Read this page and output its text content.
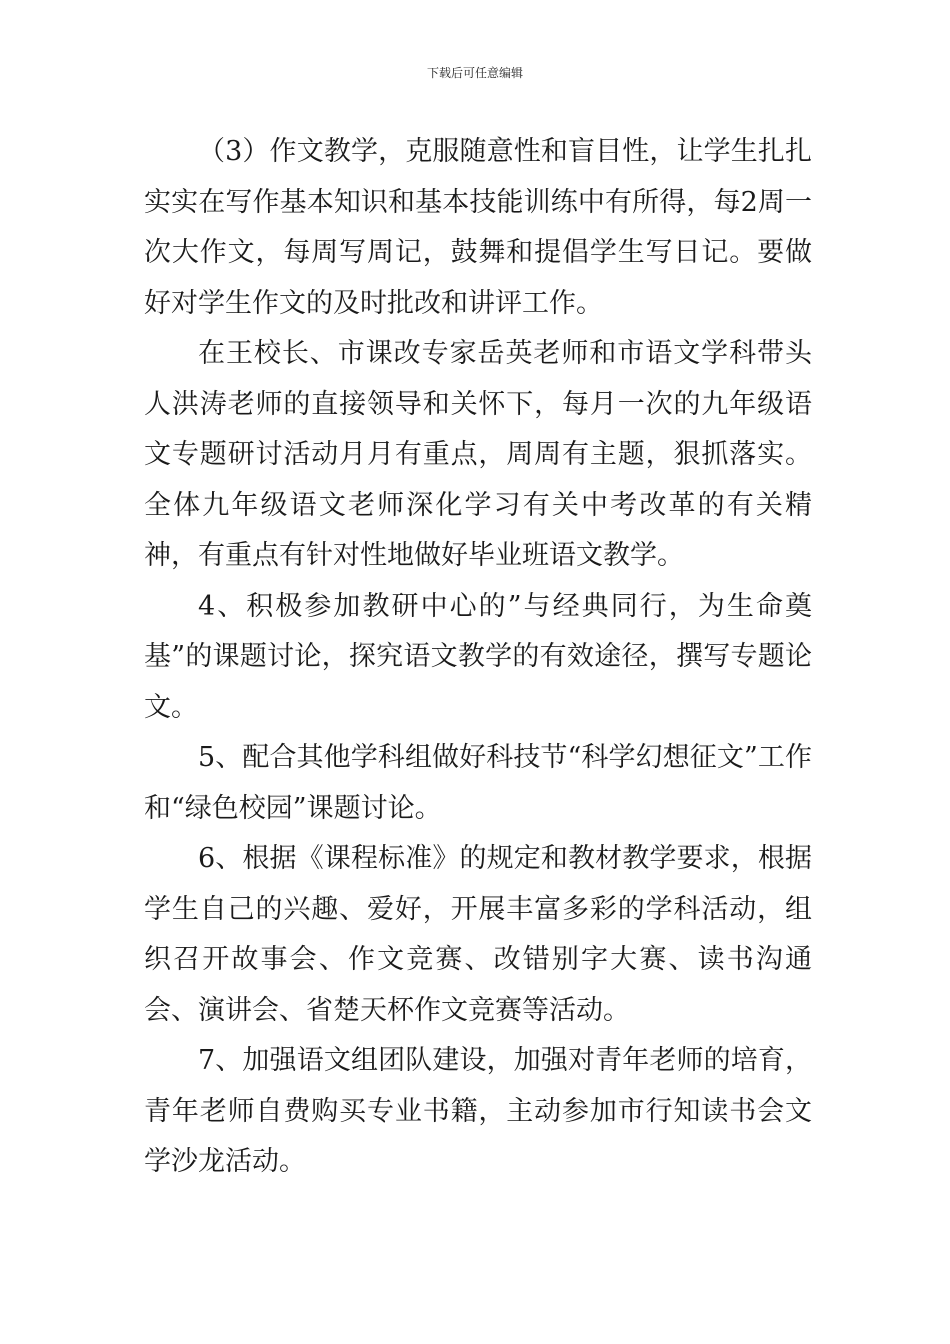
下载后可任意编辑

（3）作文教学，克服随意性和盲目性，让学生扎扎实实在写作基本知识和基本技能训练中有所得，每2周一次大作文，每周写周记，鼓舞和提倡学生写日记。要做好对学生作文的及时批改和讲评工作。

在王校长、市课改专家岳英老师和市语文学科带头人洪涛老师的直接领导和关怀下，每月一次的九年级语文专题研讨活动月月有重点，周周有主题，狠抓落实。全体九年级语文老师深化学习有关中考改革的有关精神，有重点有针对性地做好毕业班语文教学。

4、积极参加教研中心的”与经典同行，为生命奠基”的课题讨论，探究语文教学的有效途径，撰写专题论文。

5、配合其他学科组做好科技节“科学幻想征文”工作和“绿色校园”课题讨论。

6、根据《课程标准》的规定和教材教学要求，根据学生自己的兴趣、爱好，开展丰富多彩的学科活动，组织召开故事会、作文竞赛、改错别字大赛、读书沟通会、演讲会、省楚天杯作文竞赛等活动。

7、加强语文组团队建设，加强对青年老师的培育，青年老师自费购买专业书籍，主动参加市行知读书会文学沙龙活动。
